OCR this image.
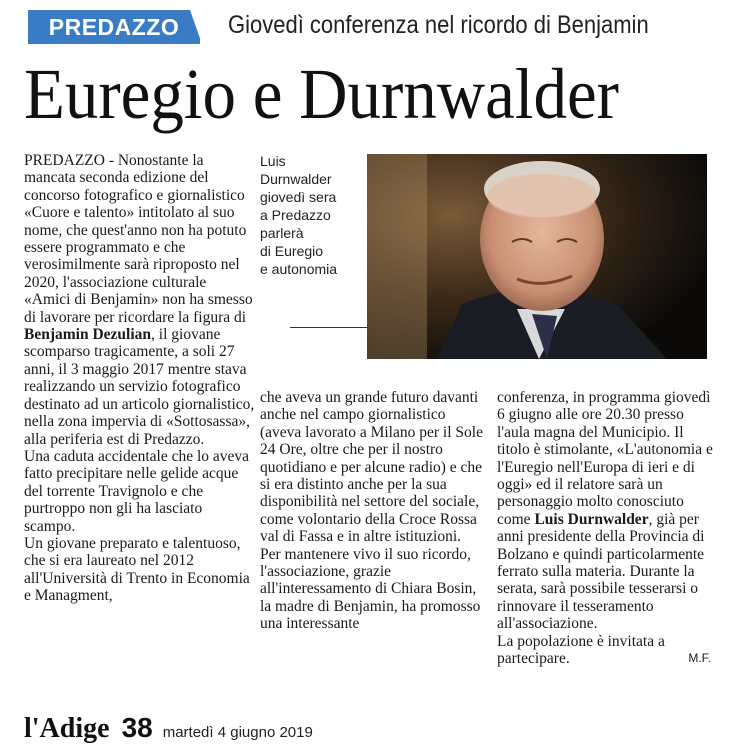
PREDAZZO	Giovedì conferenza nel ricordo di Benjamin
Euregio e Durnwalder

PREDAZZO - Nonostante la mancata seconda edizione del concorso fotografico e giornalistico «Cuore e talento» intitolato al suo nome, che quest'anno non ha potuto essere programmato e che verosimilmente sarà riproposto nel 2020, l'associazione culturale «Amici di Benjamin» non ha smesso di lavorare per ricordare la figura di Benjamin Dezulian, il giovane scomparso tragicamente, a soli 27 anni, il 3 maggio 2017 mentre stava realizzando un servizio fotografico destinato ad un articolo giornalistico, nella zona impervia di «Sottosassa», alla periferia est di Predazzo.

Una caduta accidentale che lo aveva fatto precipitare nelle gelide acque del torrente Travignolo e che purtroppo non gli ha lasciato scampo.

Un giovane preparato e talentuoso, che si era laureato nel 2012 all'Università di Trento in Economia e Managment,

Luis
Durnwalder
giovedì sera
a Predazzo
parlerà
di Euregio
e autonomia

che aveva un grande futuro davanti anche nel campo giornalistico (aveva lavorato a Milano per il Sole 24 Ore, oltre che per il nostro quotidiano e per alcune radio) e che si era distinto anche per la sua disponibilità nel settore del sociale, come volontario della Croce Rossa val di Fassa e in altre istituzioni. Per mantenere vivo il suo ricordo, l'associazione, grazie all'interessamento di Chiara Bosin, la madre di Benjamin, ha promosso una interessante

conferenza, in programma giovedì 6 giugno alle ore 20.30 presso l'aula magna del Municipio. Il titolo è stimolante, «L'autonomia e l'Euregio nell'Europa di ieri e di oggi» ed il relatore sarà un personaggio molto conosciuto come Luis Durnwalder, già per anni presidente della Provincia di Bolzano e quindi particolarmente ferrato sulla materia. Durante la serata, sarà possibile tesserarsi o rinnovare il tesseramento all'associazione.

La popolazione è invitata a partecipare.	M.F.

l'Adige 38 martedì 4 giugno 2019
